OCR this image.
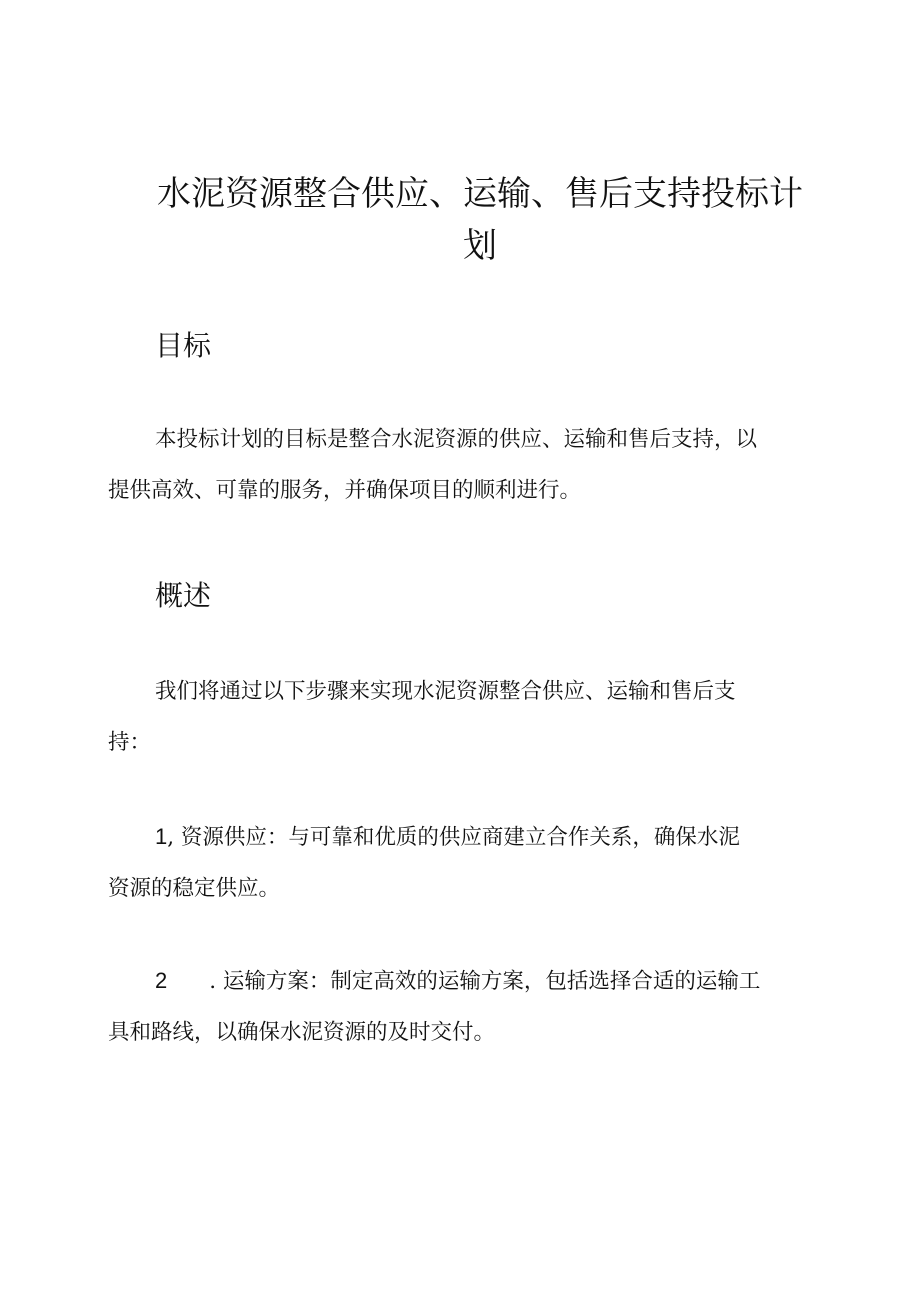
水泥资源整合供应、运输、售后支持投标计
划
目标

本投标计划的目标是整合水泥资源的供应、运输和售后支持，以
提供高效、可靠的服务，并确保项目的顺利进行。

概述

我们将通过以下步骤来实现水泥资源整合供应、运输和售后支
持：

1, 资源供应：与可靠和优质的供应商建立合作关系，确保水泥
资源的稳定供应。

2 . 运输方案：制定高效的运输方案，包括选择合适的运输工
具和路线，以确保水泥资源的及时交付。
